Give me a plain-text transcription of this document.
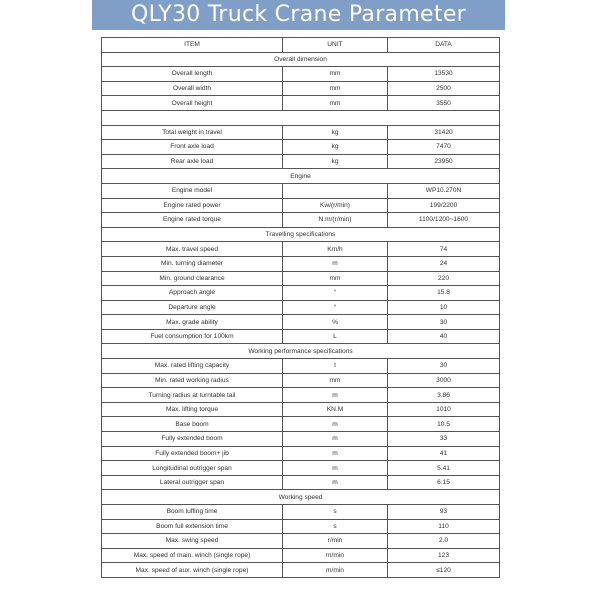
QLY30 Truck Crane Parameter
ITEM	UNIT	DATA
Overall dimension		
Overall length	mm	13530
Overall width	mm	2500
Overall height	mm	3550

Total weight in travel	kg	31420
Front axle load	kg	7470
Rear axle load	kg	23950
Engine		
Engine model		WP10.270N
Engine rated power	Kw/(r/min)	199/2200
Engine rated torque	N.m/(r/min)	1100/1200~1600
Travelling specifications		
Max. travel speed	Km/h	74
Min. turning diameter	m	24
Min. ground clearance	mm	220
Approach angle	°	15.8
Departure angle	°	10
Max. grade ability	%	30
Fuel consumption for 100km	L	40
Working performance specifications		
Max. rated lifting capacity	t	30
Min. rated working radius	mm	3000
Turning radius at turntable tail	m	3.86
Max. lifting torque	KN.M	1010
Base boom	m	10.5
Fully extended boom	m	33
Fully extended boom+ jib	m	41
Longitudinal outrigger span	m	5.41
Lateral outrigger span	m	6.15
Working speed		
Boom luffing time	s	93
Boom full extension time	s	110
Max. swing speed	r/min	2.0
Max. speed of main. winch (single rope)	m/min	123
Max. speed of aux. winch (single rope)	m/min	≤120
